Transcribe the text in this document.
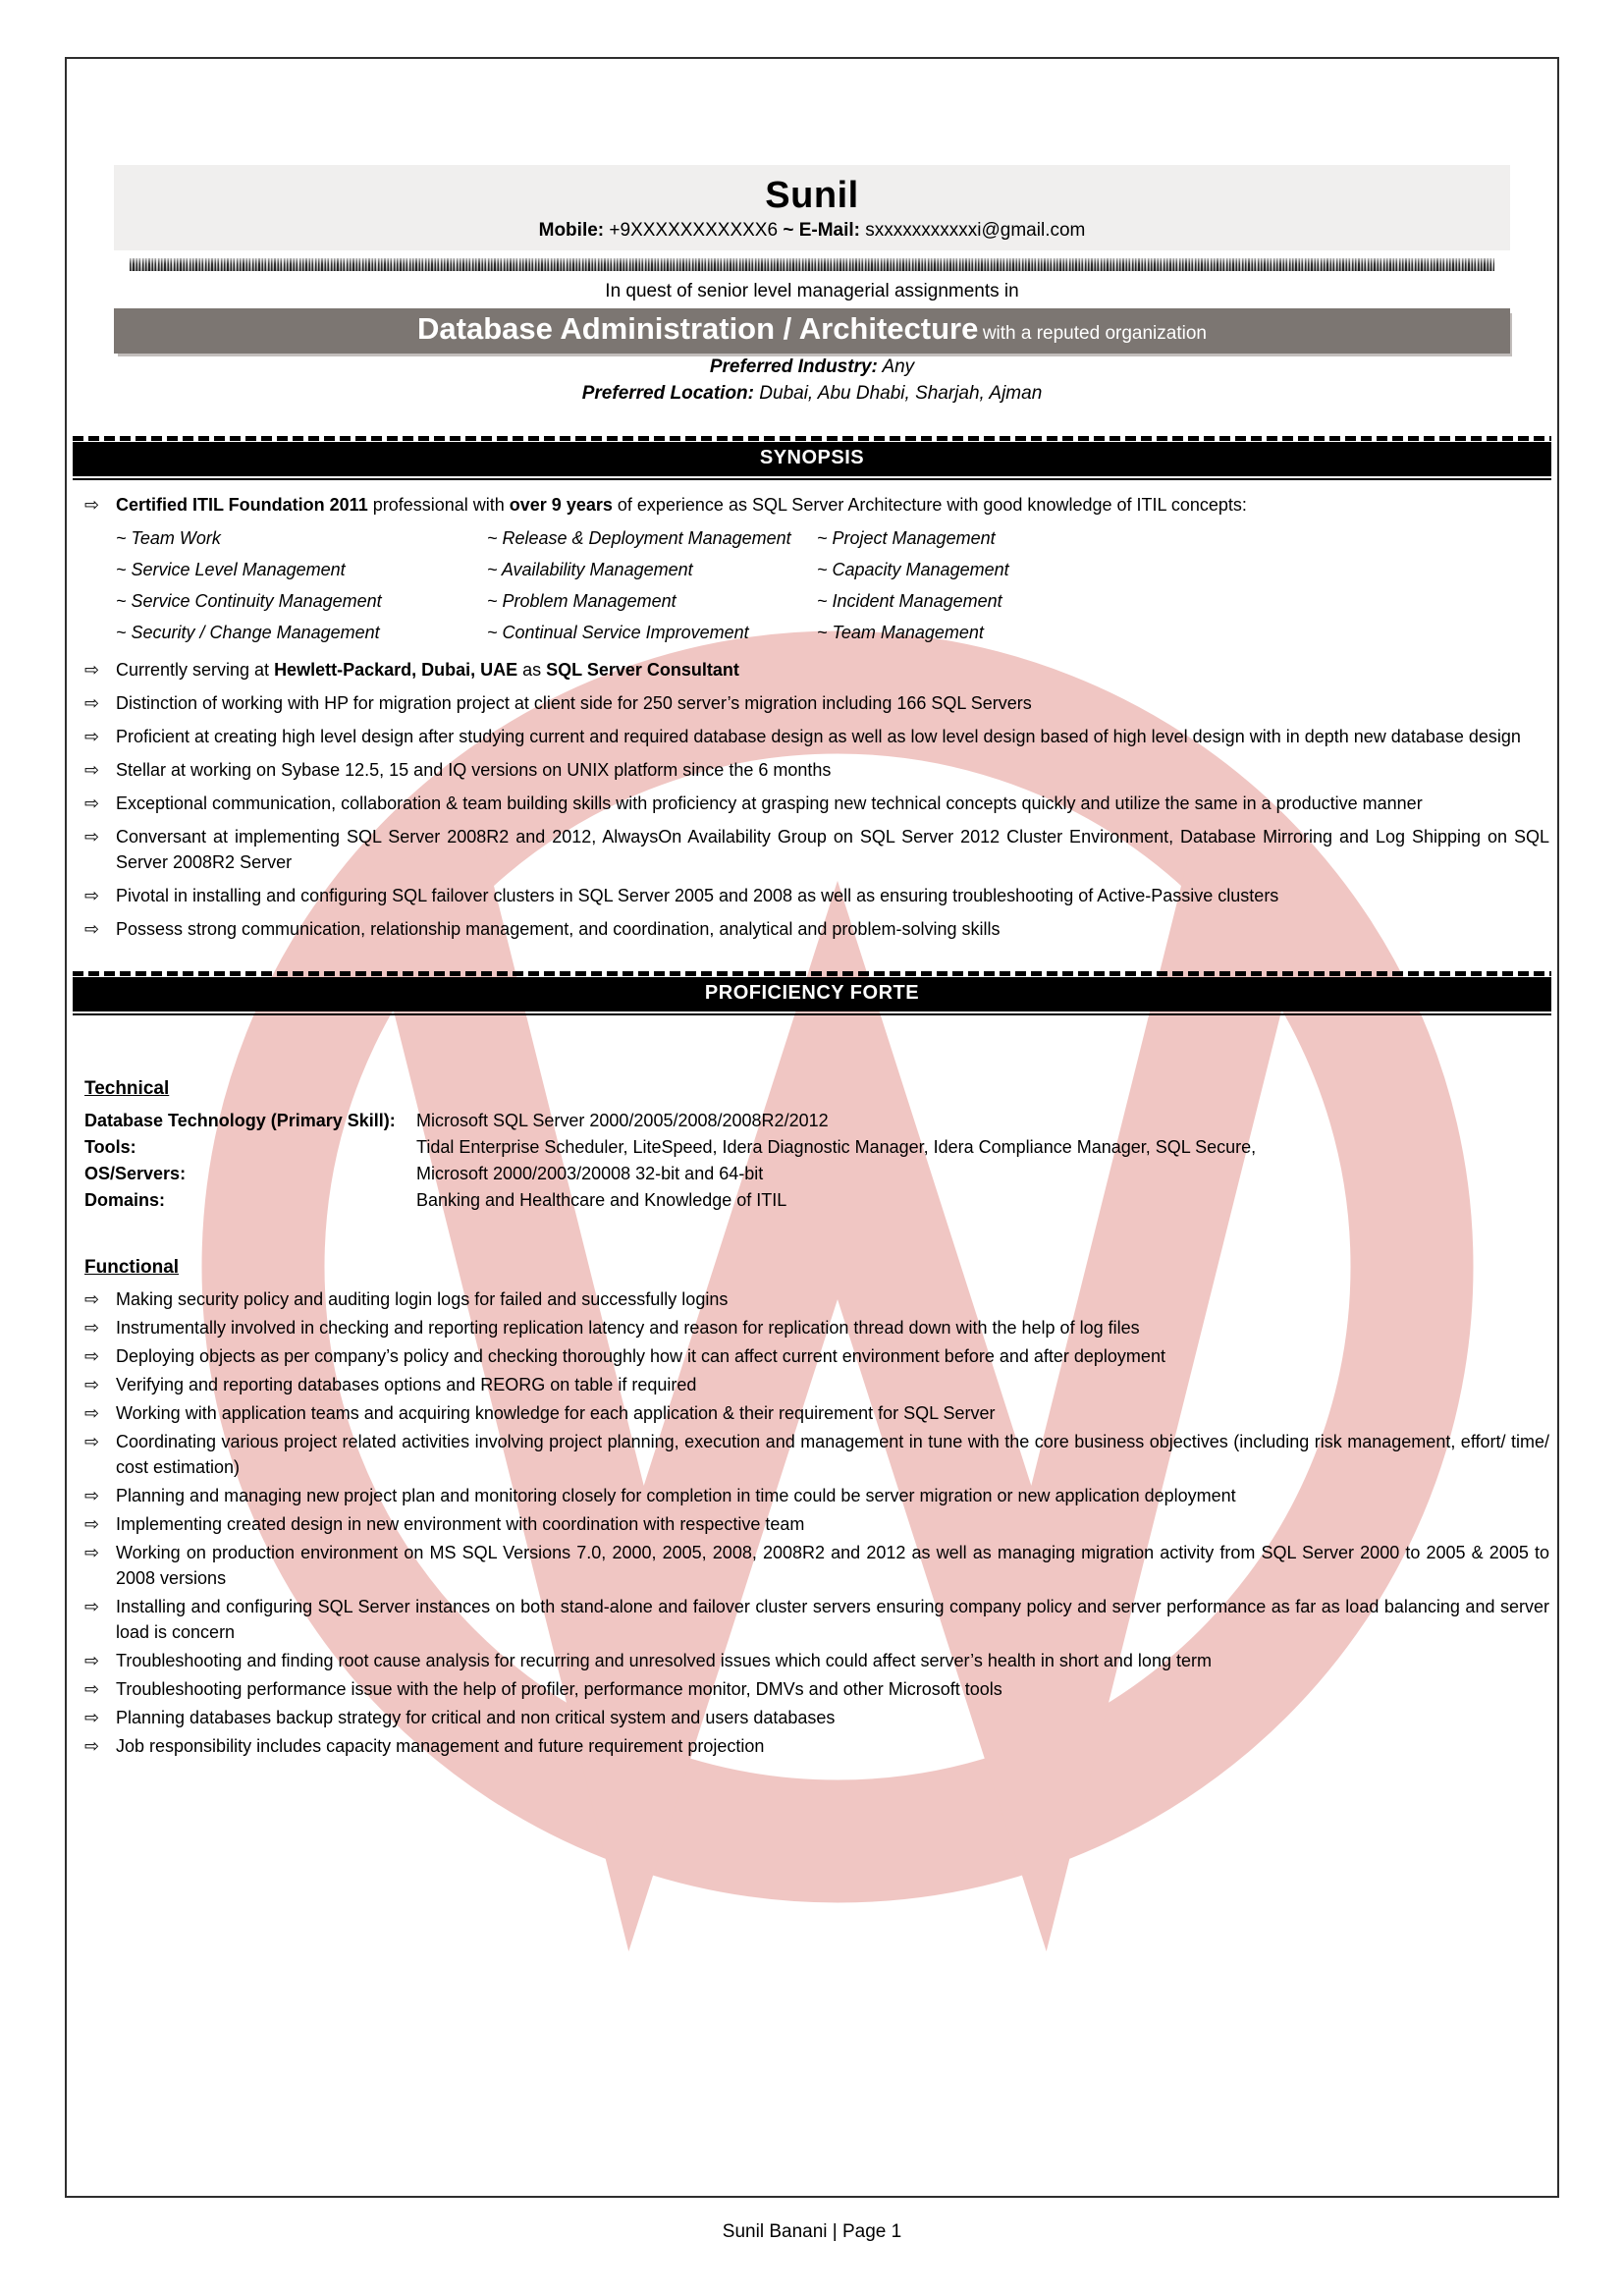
Sunil
Mobile: +9XXXXXXXXXXX6 ~ E-Mail: sxxxxxxxxxxxi@gmail.com
In quest of senior level managerial assignments in
Database Administration / Architecture with a reputed organization
Preferred Industry: Any
Preferred Location: Dubai, Abu Dhabi, Sharjah, Ajman
SYNOPSIS
⇨ Certified ITIL Foundation 2011 professional with over 9 years of experience as SQL Server Architecture with good knowledge of ITIL concepts:
~ Team Work	~ Release & Deployment Management	~ Project Management
~ Service Level Management	~ Availability Management	~ Capacity Management
~ Service Continuity Management	~ Problem Management	~ Incident Management
~ Security / Change Management	~ Continual Service Improvement	~ Team Management
⇨ Currently serving at Hewlett-Packard, Dubai, UAE as SQL Server Consultant
⇨ Distinction of working with HP for migration project at client side for 250 server’s migration including 166 SQL Servers
⇨ Proficient at creating high level design after studying current and required database design as well as low level design based of high level design with in depth new database design
⇨ Stellar at working on Sybase 12.5, 15 and IQ versions on UNIX platform since the 6 months
⇨ Exceptional communication, collaboration & team building skills with proficiency at grasping new technical concepts quickly and utilize the same in a productive manner
⇨ Conversant at implementing SQL Server 2008R2 and 2012, AlwaysOn Availability Group on SQL Server 2012 Cluster Environment, Database Mirroring and Log Shipping on SQL Server 2008R2 Server
⇨ Pivotal in installing and configuring SQL failover clusters in SQL Server 2005 and 2008 as well as ensuring troubleshooting of Active-Passive clusters
⇨ Possess strong communication, relationship management, and coordination, analytical and problem-solving skills
PROFICIENCY FORTE
Technical
Database Technology (Primary Skill):	Microsoft SQL Server 2000/2005/2008/2008R2/2012
Tools:	Tidal Enterprise Scheduler, LiteSpeed, Idera Diagnostic Manager, Idera Compliance Manager, SQL Secure,
OS/Servers:	Microsoft 2000/2003/20008 32-bit and 64-bit
Domains:	Banking and Healthcare and Knowledge of ITIL
Functional
⇨ Making security policy and auditing login logs for failed and successfully logins
⇨ Instrumentally involved in checking and reporting replication latency and reason for replication thread down with the help of log files
⇨ Deploying objects as per company’s policy and checking thoroughly how it can affect current environment before and after deployment
⇨ Verifying and reporting databases options and REORG on table if required
⇨ Working with application teams and acquiring knowledge for each application & their requirement for SQL Server
⇨ Coordinating various project related activities involving project planning, execution and management in tune with the core business objectives (including risk management, effort/ time/ cost estimation)
⇨ Planning and managing new project plan and monitoring closely for completion in time could be server migration or new application deployment
⇨ Implementing created design in new environment with coordination with respective team
⇨ Working on production environment on MS SQL Versions 7.0, 2000, 2005, 2008, 2008R2 and 2012 as well as managing migration activity from SQL Server 2000 to 2005 & 2005 to 2008 versions
⇨ Installing and configuring SQL Server instances on both stand-alone and failover cluster servers ensuring company policy and server performance as far as load balancing and server load is concern
⇨ Troubleshooting and finding root cause analysis for recurring and unresolved issues which could affect server’s health in short and long term
⇨ Troubleshooting performance issue with the help of profiler, performance monitor, DMVs and other Microsoft tools
⇨ Planning databases backup strategy for critical and non critical system and users databases
⇨ Job responsibility includes capacity management and future requirement projection
Sunil Banani | Page 1
